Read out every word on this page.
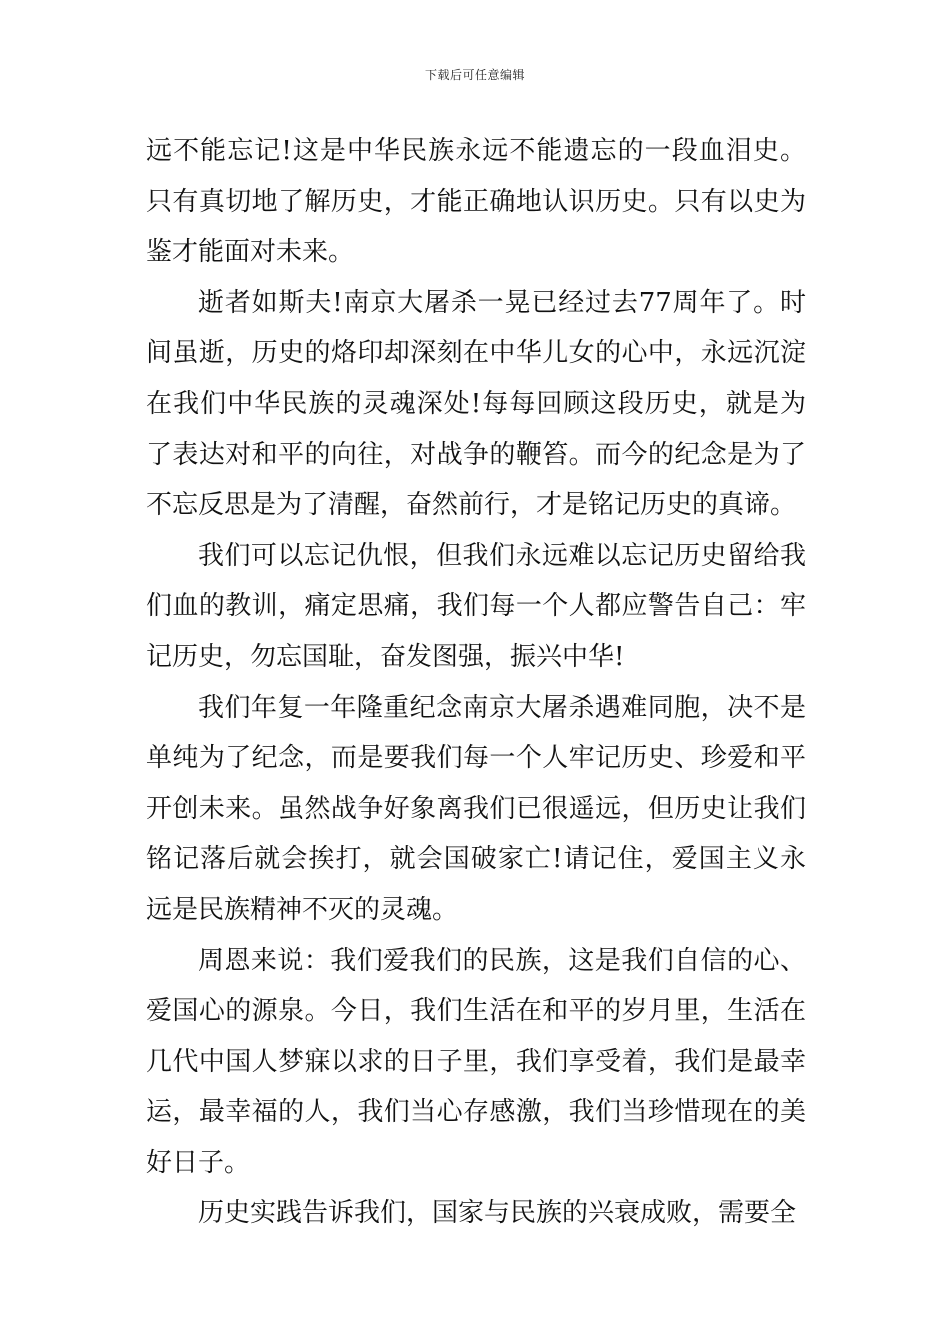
下载后可任意编辑

远不能忘记!这是中华民族永远不能遗忘的一段血泪史。只有真切地了解历史，才能正确地认识历史。只有以史为鉴才能面对未来。

逝者如斯夫!南京大屠杀一晃已经过去77周年了。时间虽逝，历史的烙印却深刻在中华儿女的心中，永远沉淀在我们中华民族的灵魂深处!每每回顾这段历史，就是为了表达对和平的向往，对战争的鞭笞。而今的纪念是为了不忘反思是为了清醒，奋然前行，才是铭记历史的真谛。

我们可以忘记仇恨，但我们永远难以忘记历史留给我们血的教训，痛定思痛，我们每一个人都应警告自己：牢记历史，勿忘国耻，奋发图强，振兴中华!

我们年复一年隆重纪念南京大屠杀遇难同胞，决不是单纯为了纪念，而是要我们每一个人牢记历史、珍爱和平开创未来。虽然战争好象离我们已很遥远，但历史让我们铭记落后就会挨打，就会国破家亡!请记住，爱国主义永远是民族精神不灭的灵魂。

周恩来说：我们爱我们的民族，这是我们自信的心、爱国心的源泉。今日，我们生活在和平的岁月里，生活在几代中国人梦寐以求的日子里，我们享受着，我们是最幸运，最幸福的人，我们当心存感激，我们当珍惜现在的美好日子。

历史实践告诉我们，国家与民族的兴衰成败，需要全
